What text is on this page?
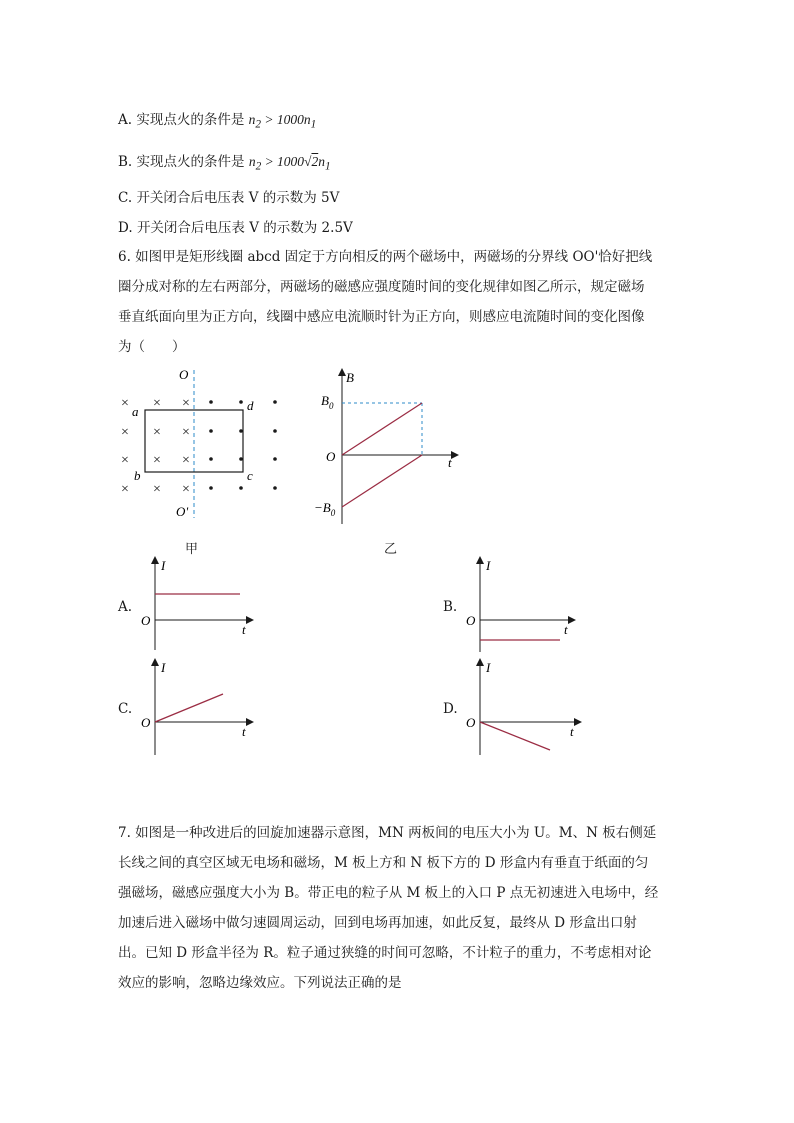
A. 实现点火的条件是 $n_2 > 1000n_1$
B. 实现点火的条件是 $n_2 > 1000√2n_1$
C. 开关闭合后电压表 V 的示数为 5V
D. 开关闭合后电压表 V 的示数为 2.5V
6. 如图甲是矩形线圈 abcd 固定于方向相反的两个磁场中，两磁场的分界线 OO'恰好把线
圈分成对称的左右两部分，两磁场的磁感应强度随时间的变化规律如图乙所示，规定磁场
垂直纸面向里为正方向，线圈中感应电流顺时针为正方向，则感应电流随时间的变化图像
为（　　）
× × ×
× × ×
× × ×
× × ×
O
O'
a
b	c
d
甲
B
$B_0$
O	t
$-B_0$
乙
A.
I
O
t
B.
I
O
t
C.
I
O
t
D.
I
O
t
7. 如图是一种改进后的回旋加速器示意图，MN 两板间的电压大小为 U。M、N 板右侧延
长线之间的真空区域无电场和磁场，M 板上方和 N 板下方的 D 形盒内有垂直于纸面的匀
强磁场，磁感应强度大小为 B。带正电的粒子从 M 板上的入口 P 点无初速进入电场中，经
加速后进入磁场中做匀速圆周运动，回到电场再加速，如此反复，最终从 D 形盒出口射
出。已知 D 形盒半径为 R。粒子通过狭缝的时间可忽略，不计粒子的重力，不考虑相对论
效应的影响，忽略边缘效应。下列说法正确的是
